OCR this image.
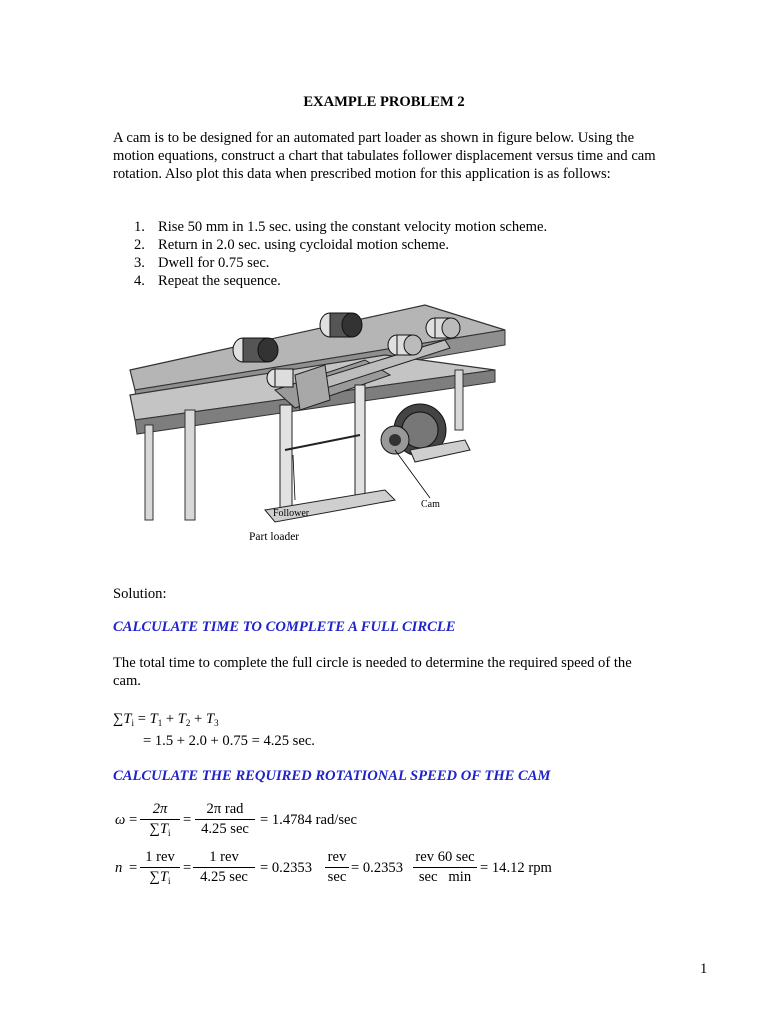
EXAMPLE PROBLEM 2
A cam is to be designed for an automated part loader as shown in figure below. Using the motion equations, construct a chart that tabulates follower displacement versus time and cam rotation. Also plot this data when prescribed motion for this application is as follows:
1. Rise 50 mm in 1.5 sec. using the constant velocity motion scheme.
2. Return in 2.0 sec. using cycloidal motion scheme.
3. Dwell for 0.75 sec.
4. Repeat the sequence.
Follower
Cam
Part loader
Solution:
CALCULATE TIME TO COMPLETE A FULL CIRCLE
The total time to complete the full circle is needed to determine the required speed of the cam.
$\sum T_i = T_1 + T_2 + T_3$
= 1.5 + 2.0 + 0.75 = 4.25 sec.
CALCULATE THE REQUIRED ROTATIONAL SPEED OF THE CAM
ω =
2π
$\sum T_i$
=
2π rad
4.25 sec
= 1.4784 rad/sec
n =
1 rev
$\sum T_i$
=
1 rev
4.25 sec
= 0.2353
rev
sec
= 0.2353
rev 60 sec
sec   min
= 14.12 rpm
1
